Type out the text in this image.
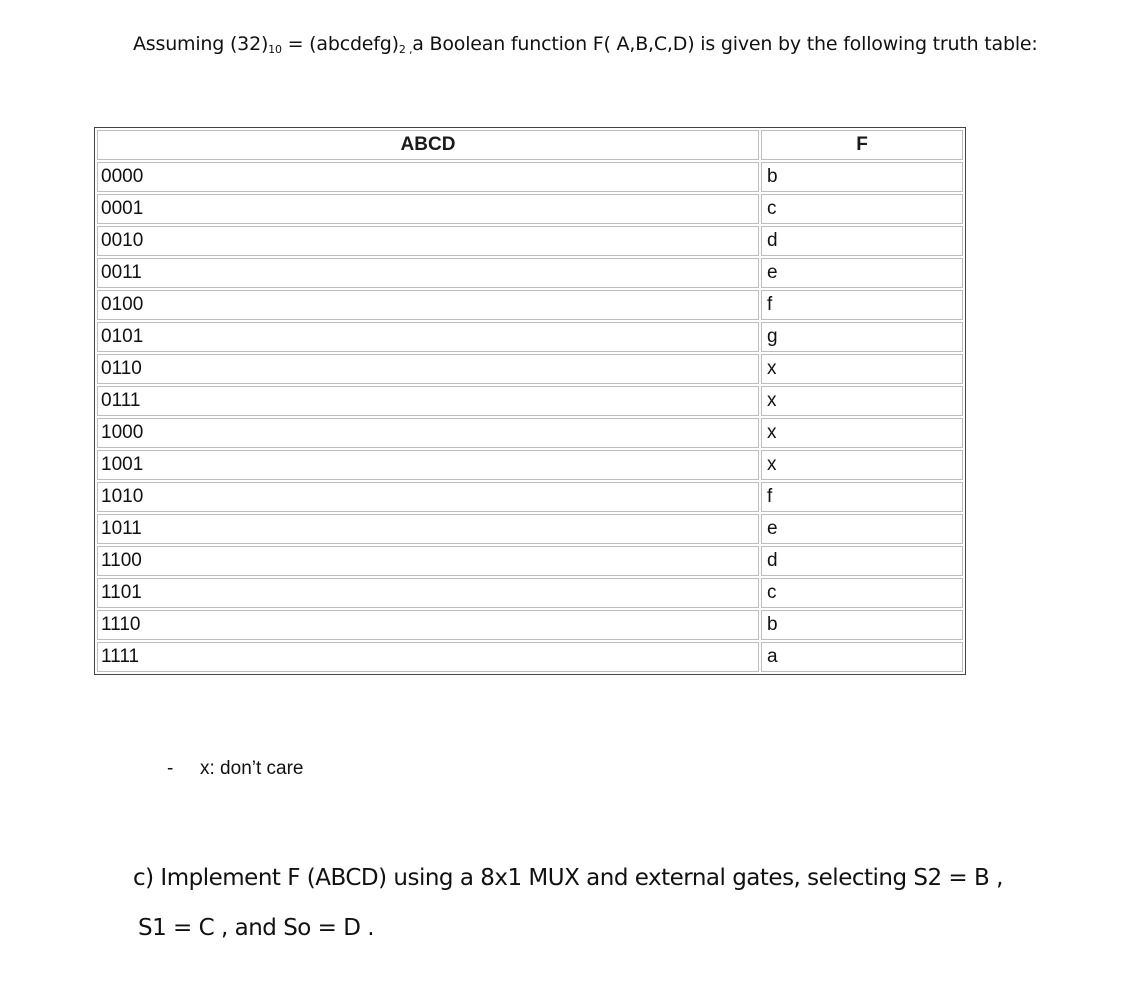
Assuming $(32)_{10}$ = $(abcdefg)_{2 ,}a$ Boolean function F( A,B,C,D) is given by the following truth table:
ABCD	F
0000	b
0001	c
0010	d
0011	e
0100	f
0101	g
0110	x
0111	x
1000	x
1001	x
1010	f
1011	e
1100	d
1101	c
1110	b
1111	a
- x: don’t care
c) Implement F (ABCD) using a 8x1 MUX and external gates, selecting S2 = B ,
S1 = C , and So = D .
